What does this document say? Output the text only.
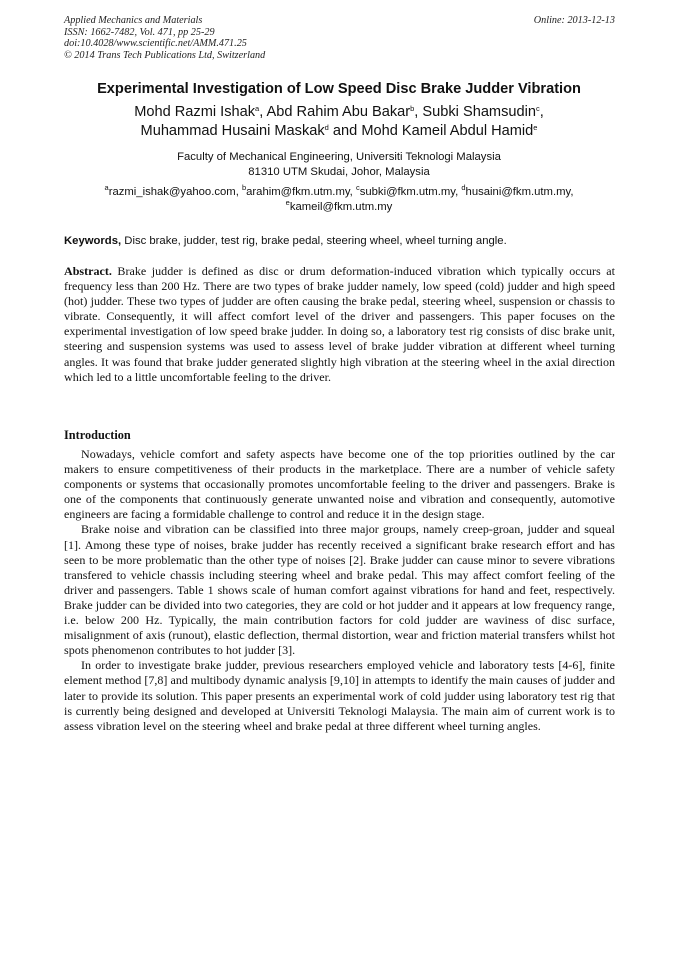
Applied Mechanics and Materials
ISSN: 1662-7482, Vol. 471, pp 25-29
doi:10.4028/www.scientific.net/AMM.471.25
© 2014 Trans Tech Publications Ltd, Switzerland
Online: 2013-12-13
Experimental Investigation of Low Speed Disc Brake Judder Vibration
Mohd Razmi Ishak$^a$, Abd Rahim Abu Bakar$^b$, Subki Shamsudin$^c$,
Muhammad Husaini Maskak$^d$ and Mohd Kameil Abdul Hamid$^e$
Faculty of Mechanical Engineering, Universiti Teknologi Malaysia
81310 UTM Skudai, Johor, Malaysia
$^a$razmi_ishak@yahoo.com, $^b$arahim@fkm.utm.my, $^c$subki@fkm.utm.my, $^d$husaini@fkm.utm.my,
$^e$kameil@fkm.utm.my
Keywords, Disc brake, judder, test rig, brake pedal, steering wheel, wheel turning angle.
Abstract. Brake judder is defined as disc or drum deformation-induced vibration which typically occurs at frequency less than 200 Hz. There are two types of brake judder namely, low speed (cold) judder and high speed (hot) judder. These two types of judder are often causing the brake pedal, steering wheel, suspension or chassis to vibrate. Consequently, it will affect comfort level of the driver and passengers. This paper focuses on the experimental investigation of low speed brake judder. In doing so, a laboratory test rig consists of disc brake unit, steering and suspension systems was used to assess level of brake judder vibration at different wheel turning angles. It was found that brake judder generated slightly high vibration at the steering wheel in the axial direction which led to a little uncomfortable feeling to the driver.
Introduction

Nowadays, vehicle comfort and safety aspects have become one of the top priorities outlined by the car makers to ensure competitiveness of their products in the marketplace. There are a number of vehicle safety components or systems that occasionally promotes uncomfortable feeling to the driver and passengers. Brake is one of the components that continuously generate unwanted noise and vibration and consequently, automotive engineers are facing a formidable challenge to control and reduce it in the design stage.

Brake noise and vibration can be classified into three major groups, namely creep-groan, judder and squeal [1]. Among these type of noises, brake judder has recently received a significant brake research effort and has seen to be more problematic than the other type of noises [2]. Brake judder can cause minor to severe vibrations transfered to vehicle chassis including steering wheel and brake pedal. This may affect comfort feeling of the driver and passengers. Table 1 shows scale of human comfort against vibrations for hand and feet, respectively. Brake judder can be divided into two categories, they are cold or hot judder and it appears at low frequency range, i.e. below 200 Hz. Typically, the main contribution factors for cold judder are waviness of disc surface, misalignment of axis (runout), elastic deflection, thermal distortion, wear and friction material transfers whilst hot spots phenomenon contributes to hot judder [3].

In order to investigate brake judder, previous researchers employed vehicle and laboratory tests [4-6], finite element method [7,8] and multibody dynamic analysis [9,10] in attempts to identify the main causes of judder and later to provide its solution. This paper presents an experimental work of cold judder using laboratory test rig that is currently being designed and developed at Universiti Teknologi Malaysia. The main aim of current work is to assess vibration level on the steering wheel and brake pedal at three different wheel turning angles.
